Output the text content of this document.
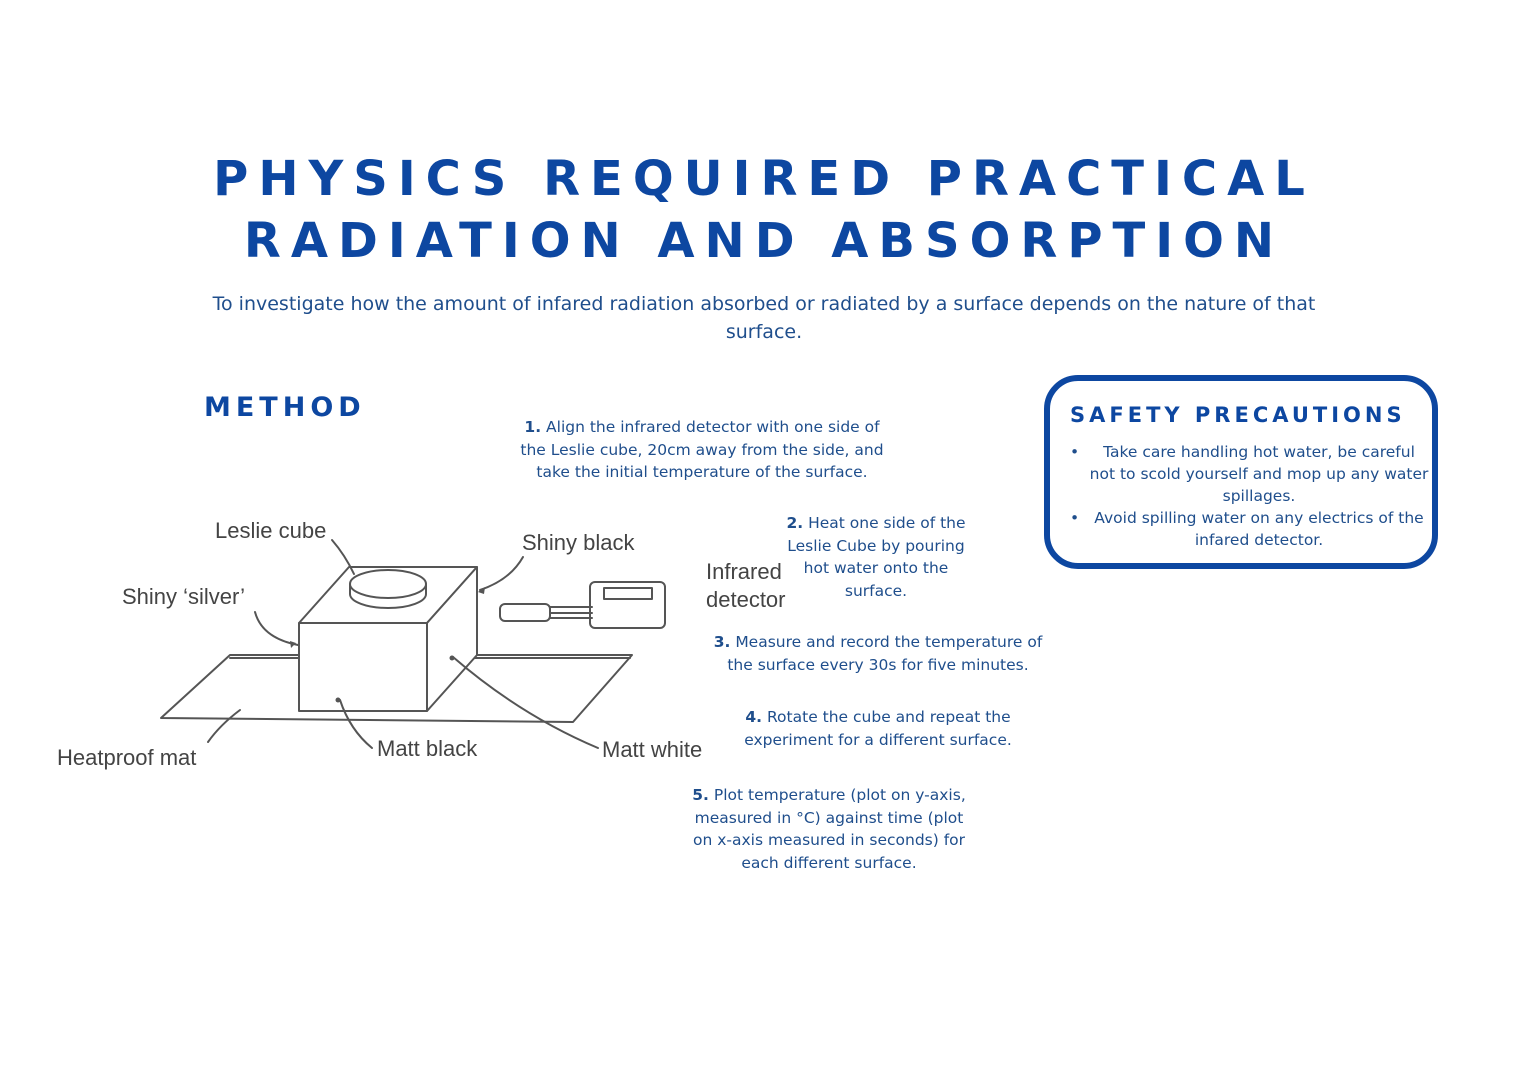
PHYSICS REQUIRED PRACTICAL
RADIATION AND ABSORPTION

To investigate how the amount of infared radiation absorbed or radiated by a surface depends on the nature of that surface.

METHOD

1. Align the infrared detector with one side of the Leslie cube, 20cm away from the side, and take the initial temperature of the surface.

2. Heat one side of the Leslie Cube by pouring hot water onto the surface.

3. Measure and record the temperature of the surface every 30s for five minutes.

4. Rotate the cube and repeat the experiment for a different surface.

5. Plot temperature (plot on y-axis, measured in °C) against time (plot on x-axis measured in seconds) for each different surface.

SAFETY PRECAUTIONS
• Take care handling hot water, be careful not to scold yourself and mop up any water spillages.
• Avoid spilling water on any electrics of the infared detector.
Leslie cube	Shiny black
Shiny ‘silver’
Infrared
detector
Heatproof mat	Matt black	Matt white
